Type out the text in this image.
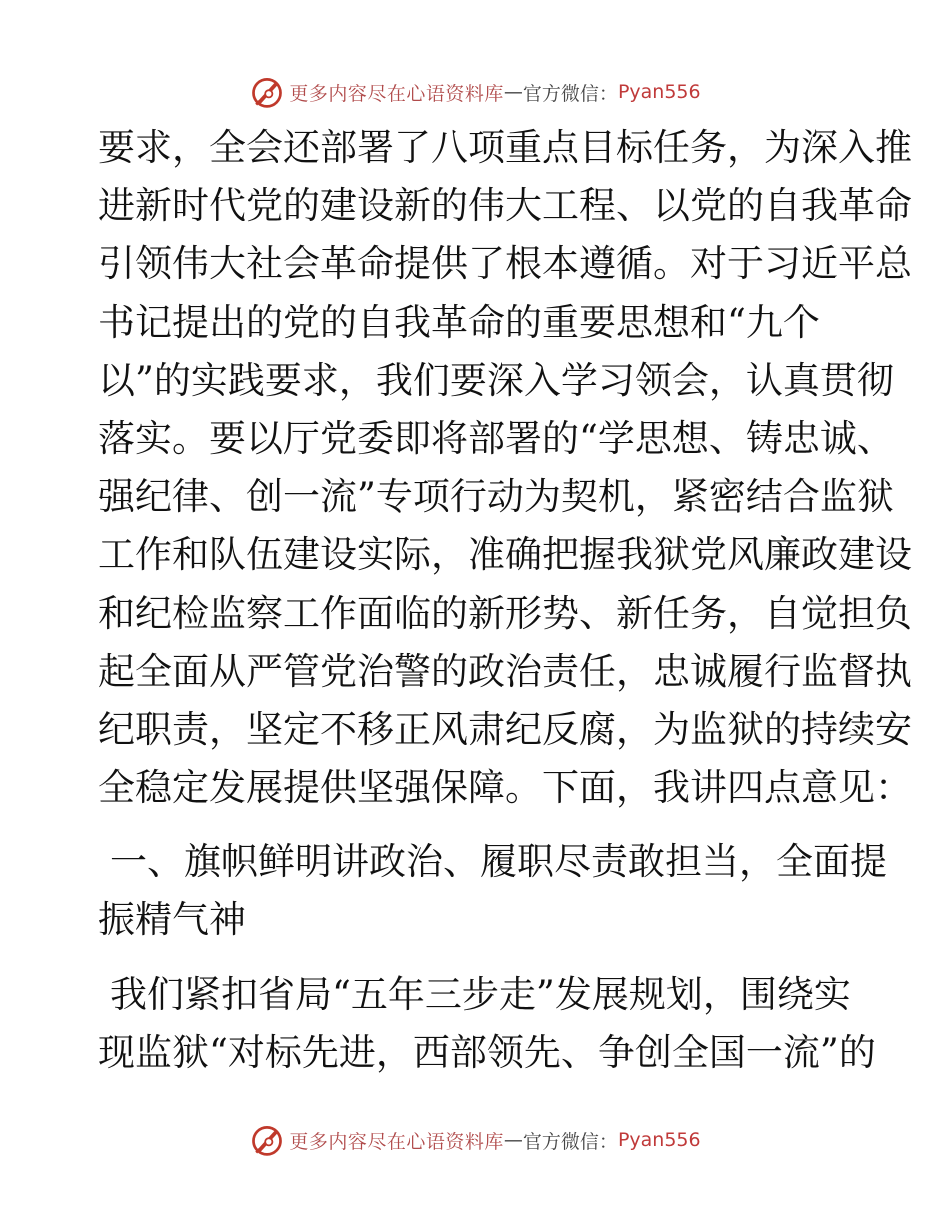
更多内容尽在心语资料库 — 官方微信： Pyan556

要求，全会还部署了八项重点目标任务，为深入推
进新时代党的建设新的伟大工程、以党的自我革命
引领伟大社会革命提供了根本遵循。对于习近平总
书记提出的党的自我革命的重要思想和“九个
以”的实践要求，我们要深入学习领会，认真贯彻
落实。要以厅党委即将部署的“学思想、铸忠诚、
强纪律、创一流”专项行动为契机，紧密结合监狱
工作和队伍建设实际，准确把握我狱党风廉政建设
和纪检监察工作面临的新形势、新任务，自觉担负
起全面从严管党治警的政治责任，忠诚履行监督执
纪职责，坚定不移正风肃纪反腐，为监狱的持续安
全稳定发展提供坚强保障。下面，我讲四点意见：

一、旗帜鲜明讲政治、履职尽责敢担当，全面提
振精气神

我们紧扣省局“五年三步走”发展规划，围绕实
现监狱“对标先进，西部领先、争创全国一流”的

更多内容尽在心语资料库 — 官方微信： Pyan556
